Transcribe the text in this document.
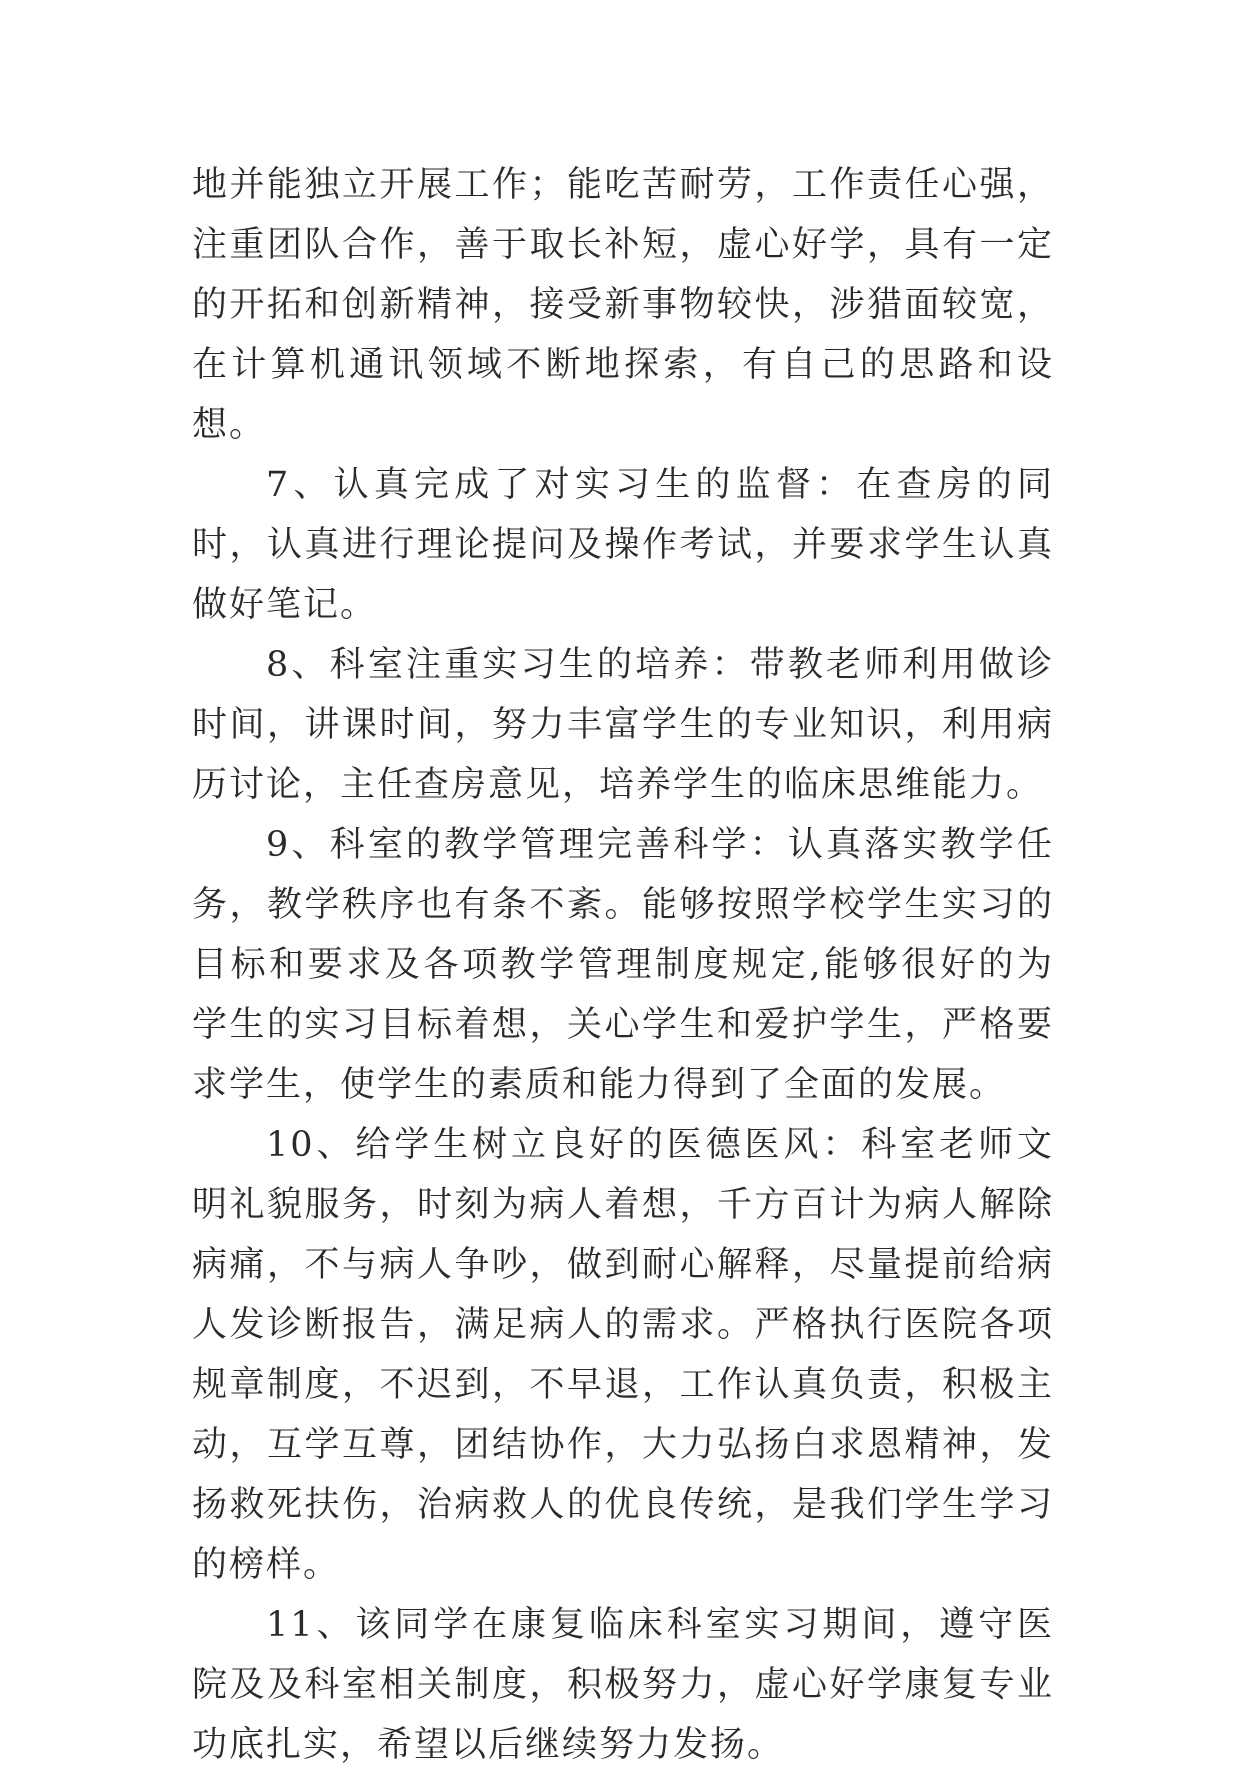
地并能独立开展工作；能吃苦耐劳，工作责任心强，注重团队合作，善于取长补短，虚心好学，具有一定的开拓和创新精神，接受新事物较快，涉猎面较宽，在计算机通讯领域不断地探索，有自己的思路和设想。

7、认真完成了对实习生的监督：在查房的同时，认真进行理论提问及操作考试，并要求学生认真做好笔记。

8、科室注重实习生的培养：带教老师利用做诊时间，讲课时间，努力丰富学生的专业知识，利用病历讨论，主任查房意见，培养学生的临床思维能力。

9、科室的教学管理完善科学：认真落实教学任务，教学秩序也有条不紊。能够按照学校学生实习的目标和要求及各项教学管理制度规定,能够很好的为学生的实习目标着想，关心学生和爱护学生，严格要求学生，使学生的素质和能力得到了全面的发展。

10、给学生树立良好的医德医风：科室老师文明礼貌服务，时刻为病人着想，千方百计为病人解除病痛，不与病人争吵，做到耐心解释，尽量提前给病人发诊断报告，满足病人的需求。严格执行医院各项规章制度，不迟到，不早退，工作认真负责，积极主动，互学互尊，团结协作，大力弘扬白求恩精神，发扬救死扶伤，治病救人的优良传统，是我们学生学习的榜样。

11、该同学在康复临床科室实习期间，遵守医院及及科室相关制度，积极努力，虚心好学康复专业功底扎实，希望以后继续努力发扬。
